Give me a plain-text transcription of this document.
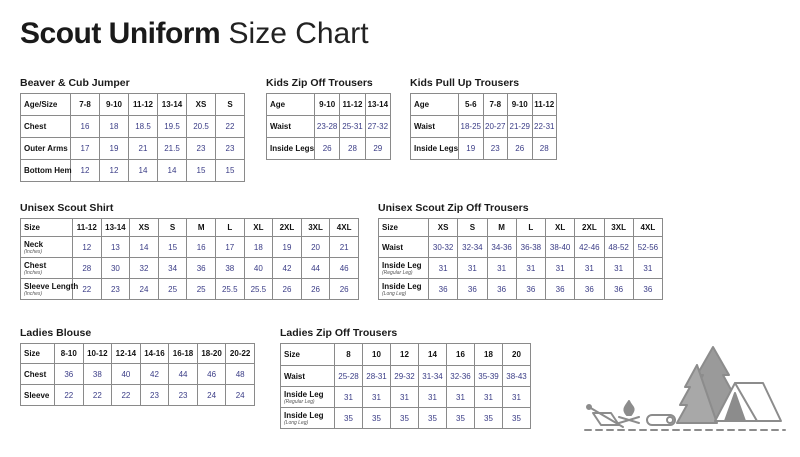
Scout Uniform Size Chart
Beaver & Cub Jumper
Age/Size	7-8	9-10	11-12	13-14	XS	S

Chest	16	18	18.5	19.5	20.5	22

Outer Arms	17	19	21	21.5	23	23

Bottom Hem	12	12	14	14	15	15
Kids Zip Off Trousers
Age	9-10	11-12	13-14

Waist	23-28	25-31	27-32

Inside Legs	26	28	29
Kids Pull Up Trousers
Age	5-6	7-8	9-10	11-12

Waist	18-25	20-27	21-29	22-31

Inside Legs	19	23	26	28
Unisex Scout Shirt
Size	11-12	13-14	XS	S	M	L	XL	2XL	3XL	4XL

Neck
(Inches)	12	13	14	15	16	17	18	19	20	21

Chest
(Inches)	28	30	32	34	36	38	40	42	44	46

Sleeve Length
(Inches)	22	23	24	25	25	25.5	25.5	26	26	26
Unisex Scout Zip Off Trousers
Size	XS	S	M	L	XL	2XL	3XL	4XL

Waist	30-32	32-34	34-36	36-38	38-40	42-46	48-52	52-56

Inside Leg
(Regular Leg)	31	31	31	31	31	31	31	31

Inside Leg
(Long Leg)	36	36	36	36	36	36	36	36
Ladies Blouse
Size	8-10	10-12	12-14	14-16	16-18	18-20	20-22

Chest	36	38	40	42	44	46	48

Sleeve	22	22	22	23	23	24	24
Ladies Zip Off Trousers
Size	8	10	12	14	16	18	20

Waist	25-28	28-31	29-32	31-34	32-36	35-39	38-43

Inside Leg
(Regular Leg)	31	31	31	31	31	31	31

Inside Leg
(Long Leg)	35	35	35	35	35	35	35
